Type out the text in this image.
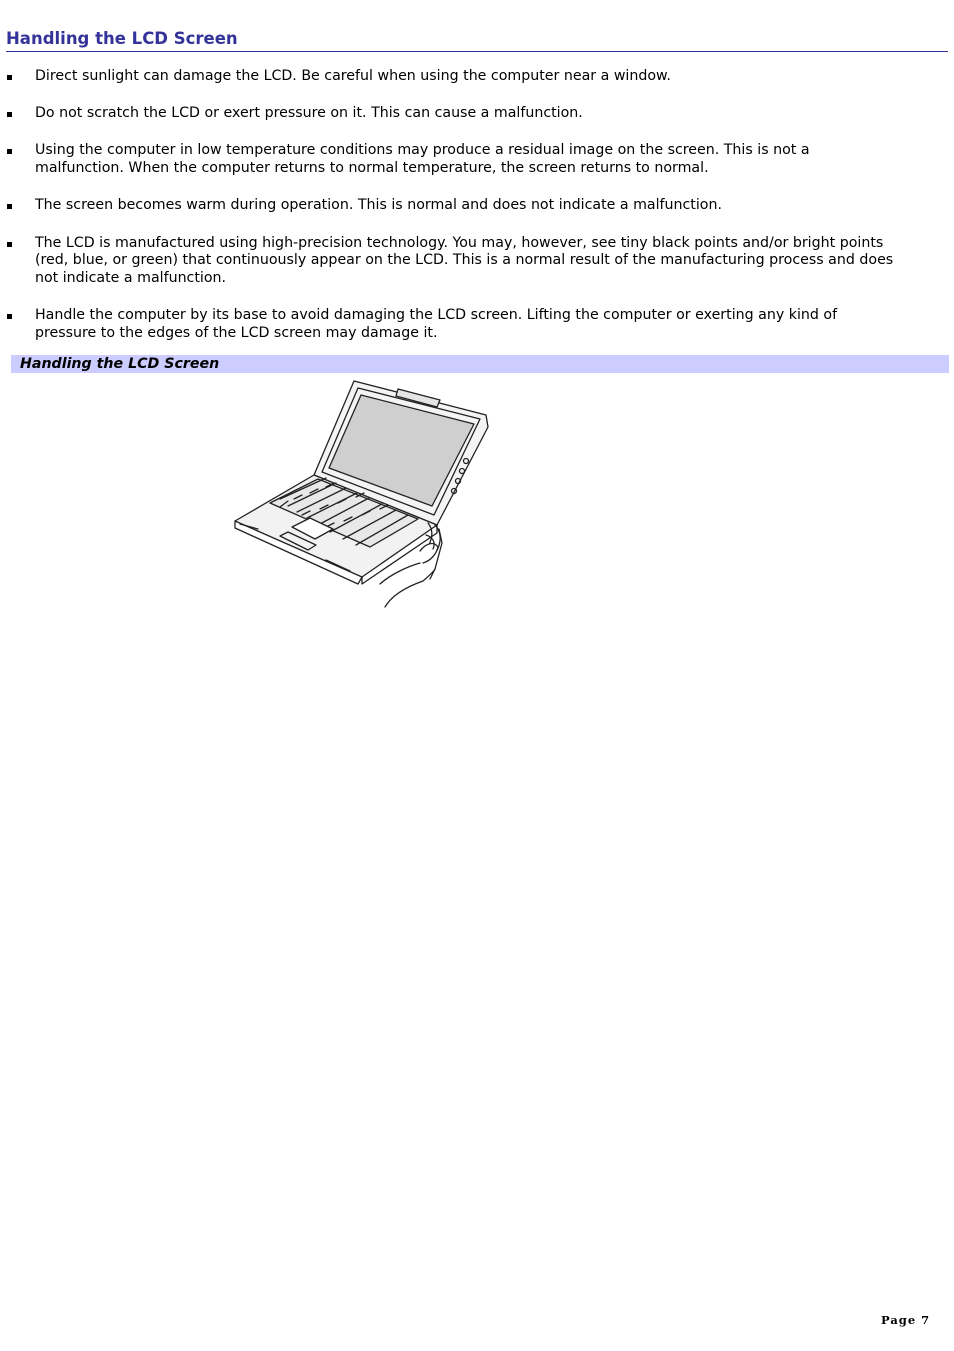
Handling the LCD Screen
Direct sunlight can damage the LCD. Be careful when using the computer near a window.
Do not scratch the LCD or exert pressure on it. This can cause a malfunction.
Using the computer in low temperature conditions may produce a residual image on the screen. This is not a malfunction. When the computer returns to normal temperature, the screen returns to normal.
The screen becomes warm during operation. This is normal and does not indicate a malfunction.
The LCD is manufactured using high-precision technology. You may, however, see tiny black points and/or bright points (red, blue, or green) that continuously appear on the LCD. This is a normal result of the manufacturing process and does not indicate a malfunction.
Handle the computer by its base to avoid damaging the LCD screen. Lifting the computer or exerting any kind of pressure to the edges of the LCD screen may damage it.
Handling the LCD Screen
Page 7
